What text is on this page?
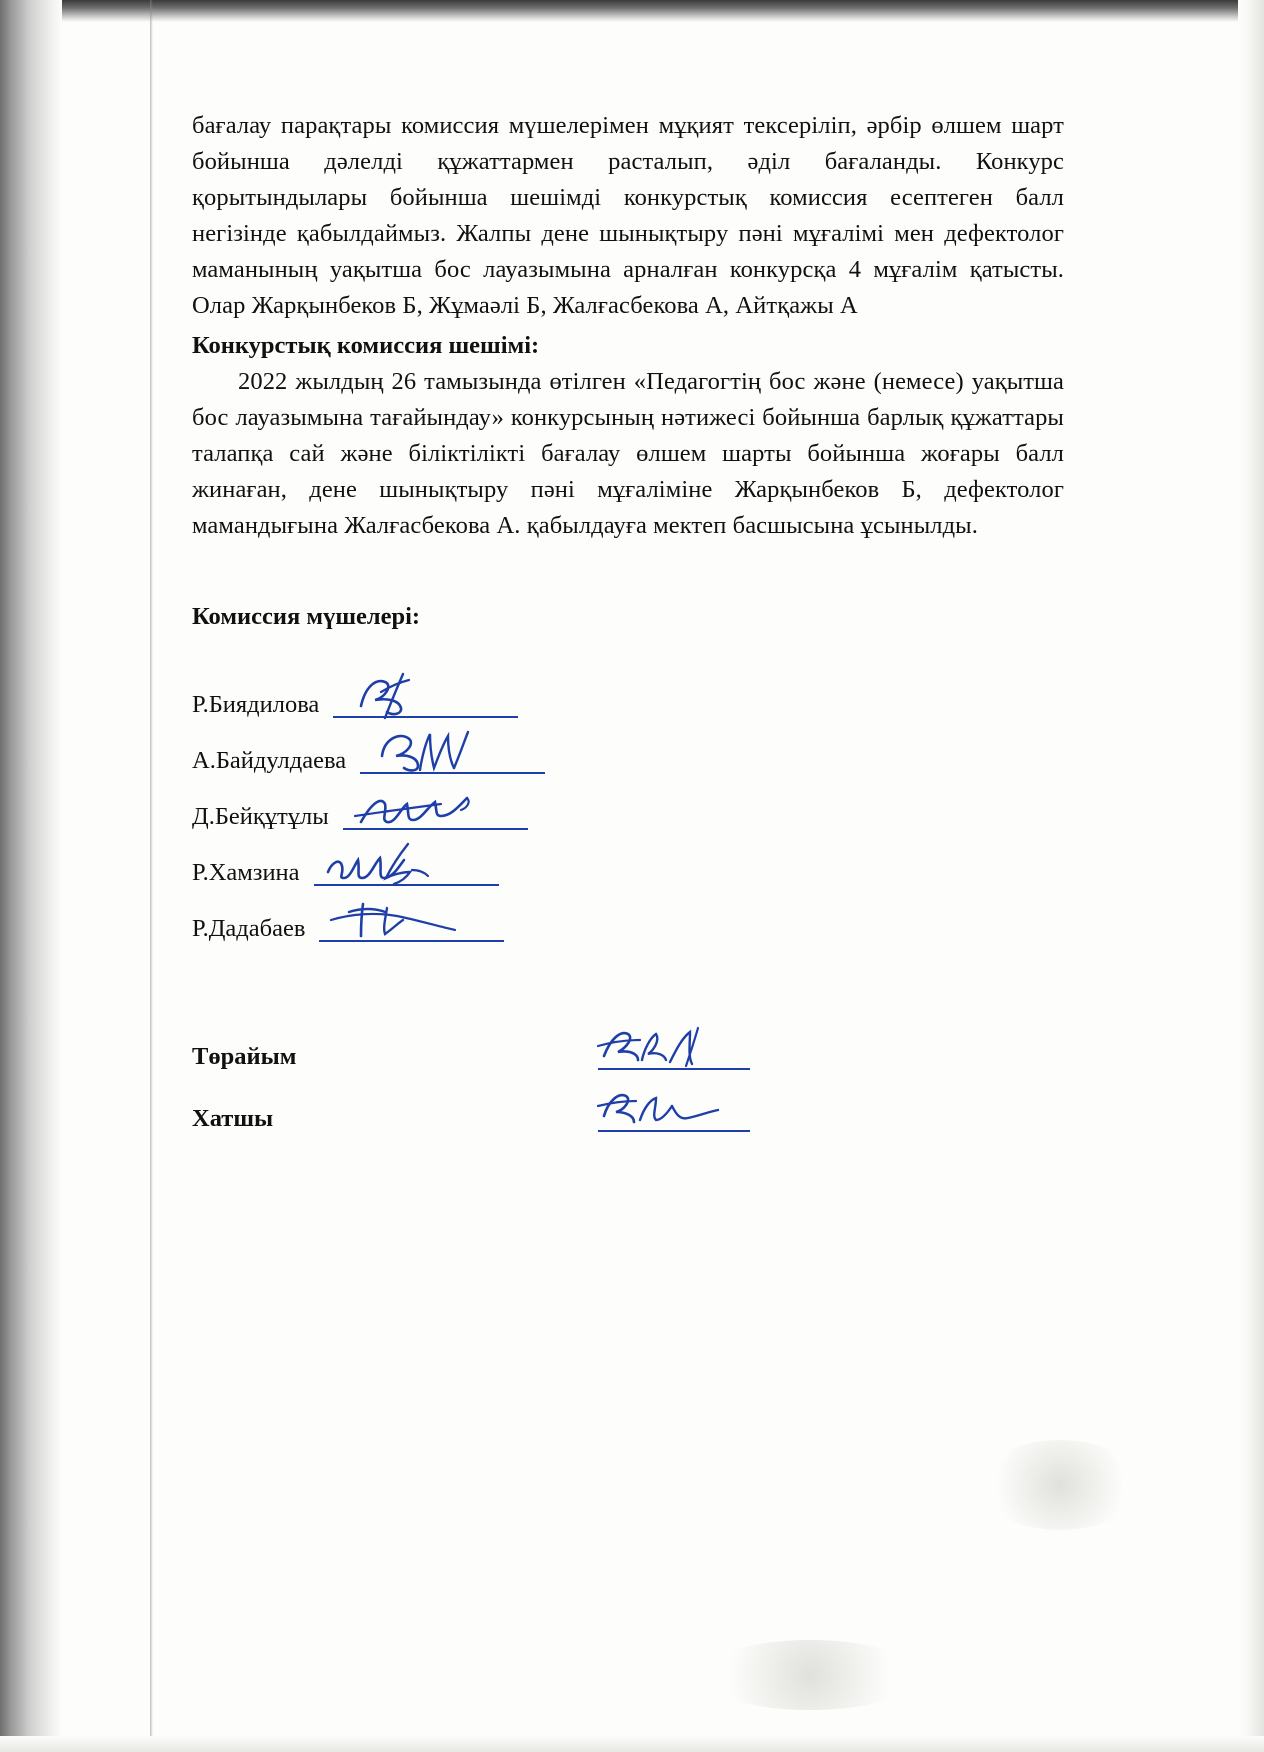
бағалау парақтары комиссия мүшелерімен мұқият тексеріліп, әрбір өлшем шарт бойынша дәлелді құжаттармен расталып, әділ бағаланды. Конкурс қорытындылары бойынша шешімді конкурстық комиссия есептеген балл негізінде қабылдаймыз. Жалпы дене шынықтыру пәні мұғалімі мен дефектолог маманының уақытша бос лауазымына арналған конкурсқа 4 мұғалім қатысты. Олар Жарқынбеков Б, Жұмаәлі Б, Жалғасбекова А, Айтқажы А

Конкурстық комиссия шешімі:

2022 жылдың 26 тамызында өтілген «Педагогтің бос және (немесе) уақытша бос лауазымына тағайындау» конкурсының нәтижесі бойынша барлық құжаттары талапқа сай және біліктілікті бағалау өлшем шарты бойынша жоғары балл жинаған, дене шынықтыру пәні мұғаліміне Жарқынбеков Б, дефектолог мамандығына Жалғасбекова А. қабылдауға мектеп басшысына ұсынылды.

Комиссия мүшелері:

Р.Биядилова
А.Байдулдаева
Д.Бейқұтұлы
Р.Хамзина
Р.Дадабаев
Төрайым
Хатшы
